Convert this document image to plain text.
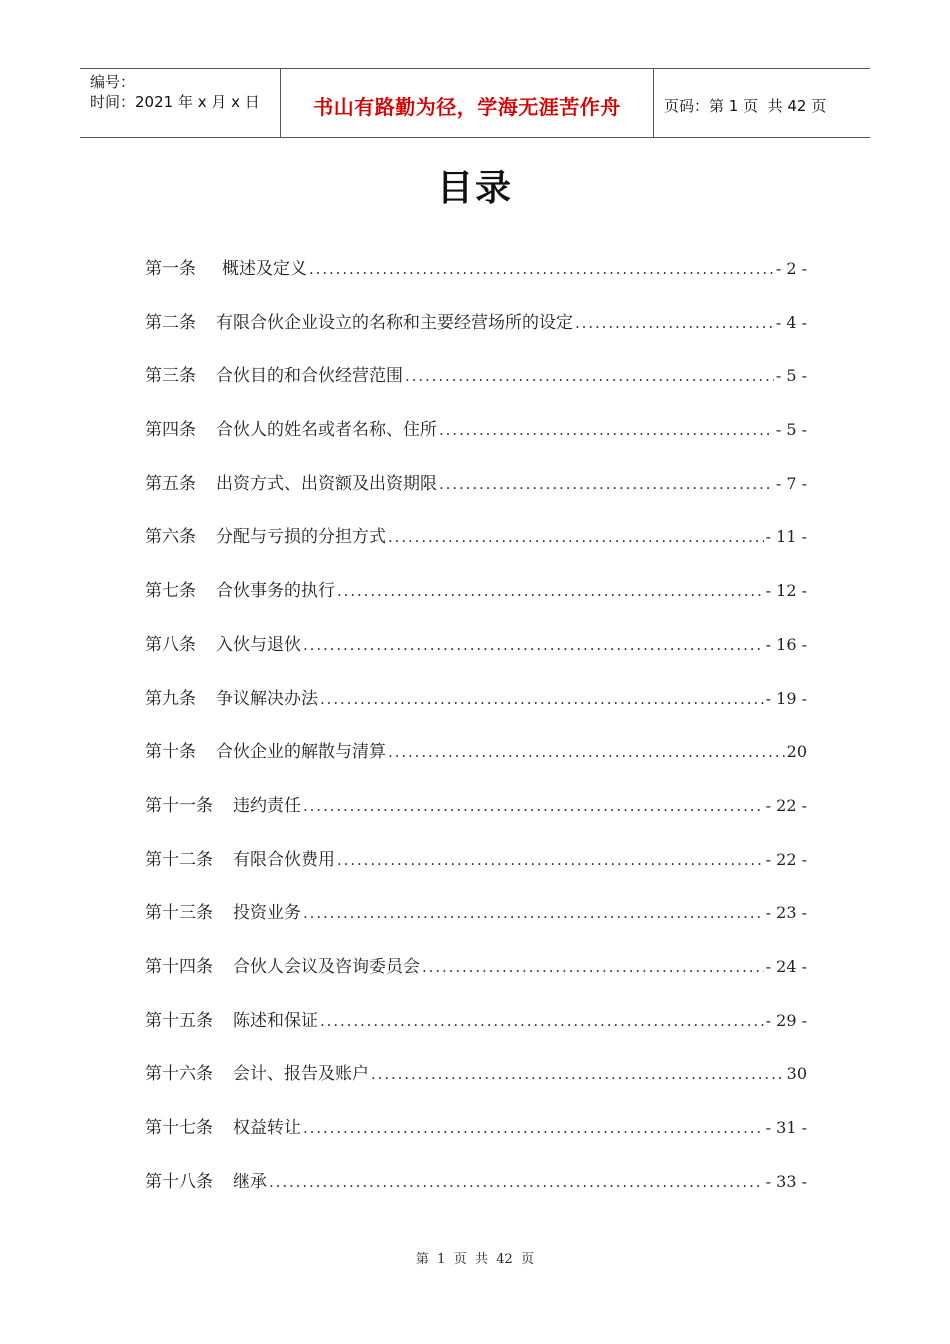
编号：
时间：2021 年 x 月 x 日	书山有路勤为径，学海无涯苦作舟	页码：第 1 页  共 42 页
目录
第一条 概述及定义 .....	- 2 -
第二条 有限合伙企业设立的名称和主要经营场所的设定 .....	- 4 -
第三条 合伙目的和合伙经营范围 .....	- 5 -
第四条 合伙人的姓名或者名称、住所 .....	- 5 -
第五条 出资方式、出资额及出资期限 .....	- 7 -
第六条 分配与亏损的分担方式 .....	- 11 -
第七条 合伙事务的执行 .....	- 12 -
第八条 入伙与退伙 .....	- 16 -
第九条 争议解决办法 .....	- 19 -
第十条 合伙企业的解散与清算 .....	20
第十一条 违约责任 .....	- 22 -
第十二条 有限合伙费用 .....	- 22 -
第十三条 投资业务 .....	- 23 -
第十四条 合伙人会议及咨询委员会 .....	- 24 -
第十五条 陈述和保证 .....	- 29 -
第十六条 会计、报告及账户 .....	30
第十七条 权益转让 .....	- 31 -
第十八条 继承 .....	- 33 -
第  1  页  共  42  页
